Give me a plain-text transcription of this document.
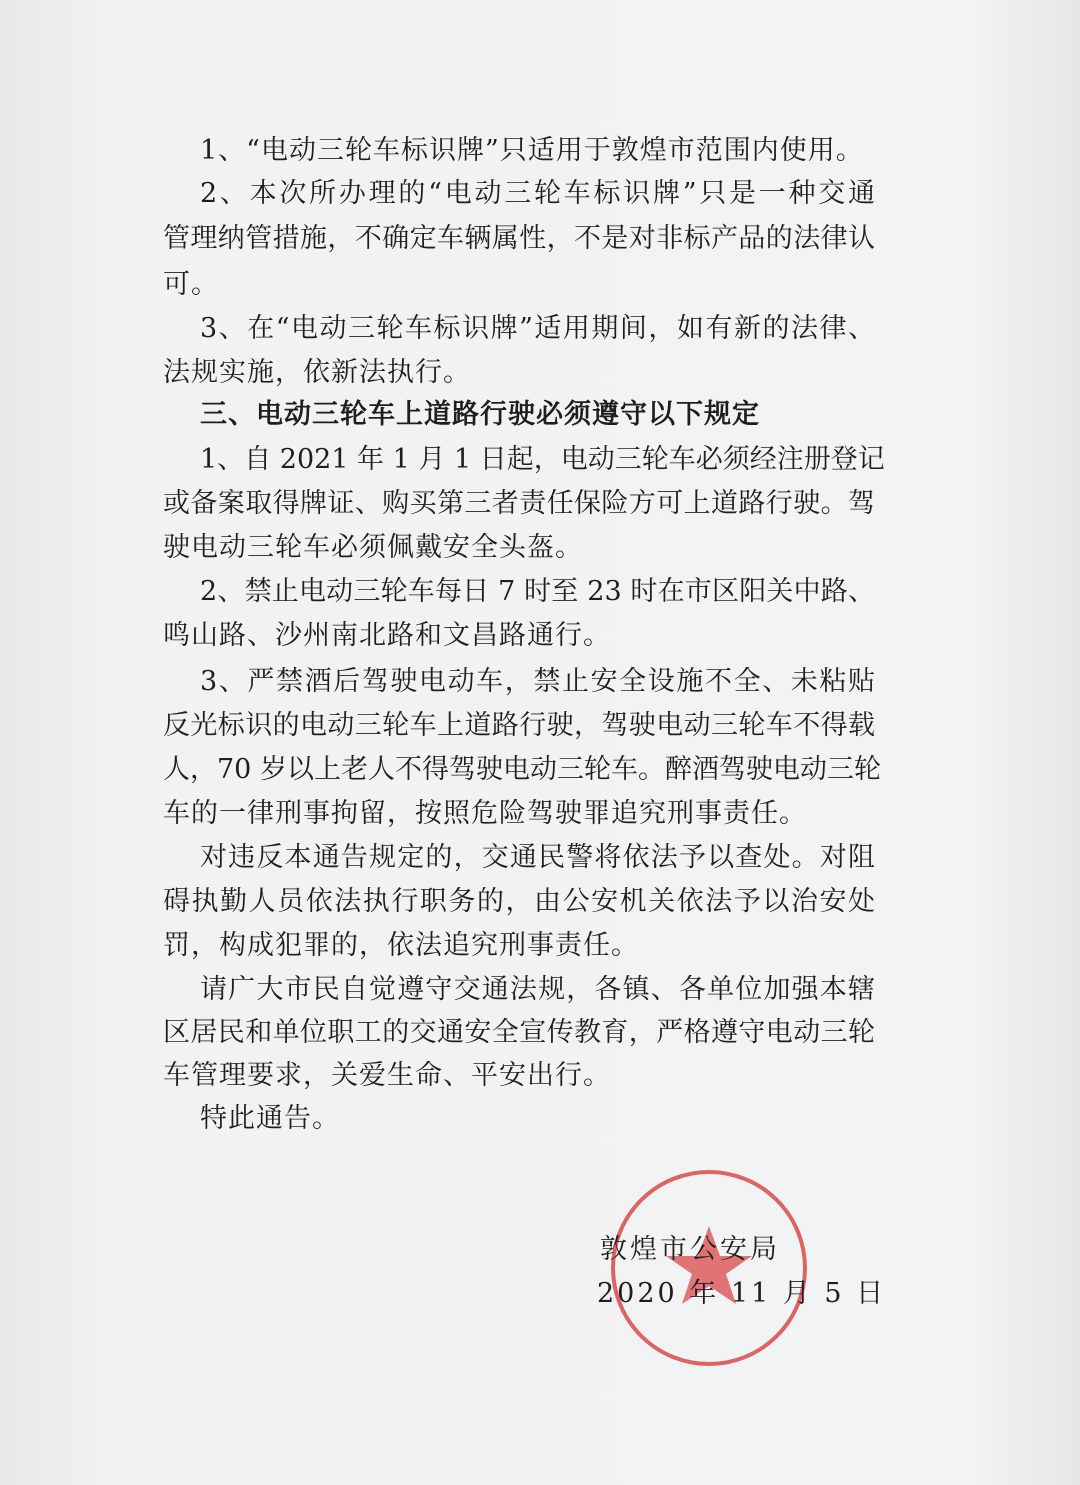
1、“电动三轮车标识牌”只适用于敦煌市范围内使用。
2、本次所办理的“电动三轮车标识牌”只是一种交通
管理纳管措施，不确定车辆属性，不是对非标产品的法律认
可。
3、在“电动三轮车标识牌”适用期间，如有新的法律、
法规实施，依新法执行。
三、电动三轮车上道路行驶必须遵守以下规定
1、自 2021 年 1 月 1 日起，电动三轮车必须经注册登记
或备案取得牌证、购买第三者责任保险方可上道路行驶。驾
驶电动三轮车必须佩戴安全头盔。
2、禁止电动三轮车每日 7 时至 23 时在市区阳关中路、
鸣山路、沙州南北路和文昌路通行。
3、严禁酒后驾驶电动车，禁止安全设施不全、未粘贴
反光标识的电动三轮车上道路行驶，驾驶电动三轮车不得载
人，70 岁以上老人不得驾驶电动三轮车。醉酒驾驶电动三轮
车的一律刑事拘留，按照危险驾驶罪追究刑事责任。
对违反本通告规定的，交通民警将依法予以查处。对阻
碍执勤人员依法执行职务的，由公安机关依法予以治安处
罚，构成犯罪的，依法追究刑事责任。
请广大市民自觉遵守交通法规，各镇、各单位加强本辖
区居民和单位职工的交通安全宣传教育，严格遵守电动三轮
车管理要求，关爱生命、平安出行。
特此通告。
敦煌市公安局
2020 年 11 月 5 日
